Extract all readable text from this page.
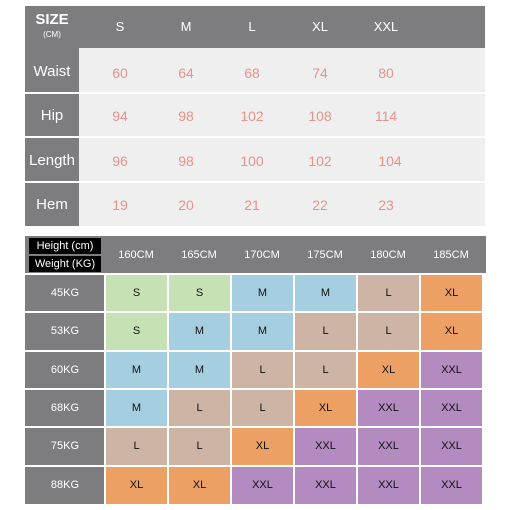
SIZE
(CM)
S	M	L	XL	XXL
Waist	60	64	68	74	80
Hip	94	98	102	108	114
Length	96	98	100	102	104
Hem	19	20	21	22	23
Height (cm)
Weight (KG)
160CM	165CM	170CM	175CM	180CM	185CM
45KG	S	S	M	M	L	XL
53KG	S	M	M	L	L	XL
60KG	M	M	L	L	XL	XXL
68KG	M	L	L	XL	XXL	XXL
75KG	L	L	XL	XXL	XXL	XXL
88KG	XL	XL	XXL	XXL	XXL	XXL
